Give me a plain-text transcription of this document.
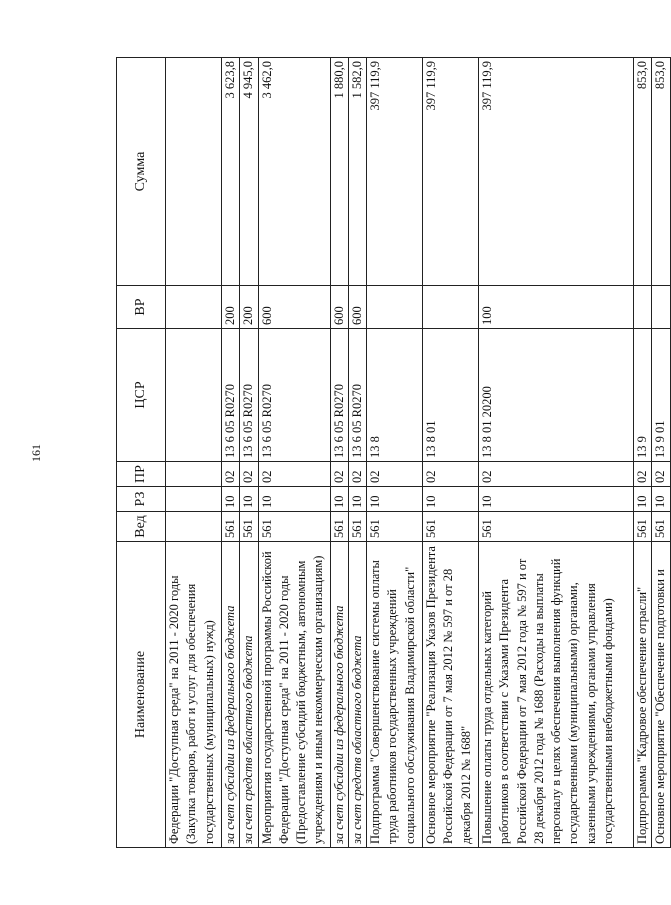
161
Наименование	Вед	РЗ	ПР	ЦСР	ВР	Сумма
Федерации "Доступная среда" на 2011 - 2020 годы (Закупка товаров, работ и услуг для обеспечения государственных (муниципальных) нужд)						
за счет субсидии из федерального бюджета	561	10	02	13 6 05 R0270	200	3 623,8
за счет средств областного бюджета	561	10	02	13 6 05 R0270	200	4 945,0
Мероприятия государственной программы Российской Федерации "Доступная среда" на 2011 - 2020 годы (Предоставление субсидий бюджетным, автономным учреждениям и иным некоммерческим организациям)	561	10	02	13 6 05 R0270	600	3 462,0
за счет субсидии из федерального бюджета	561	10	02	13 6 05 R0270	600	1 880,0
за счет средств областного бюджета	561	10	02	13 6 05 R0270	600	1 582,0
Подпрограмма "Совершенствование системы оплаты труда работников государственных учреждений социального обслуживания Владимирской области"	561	10	02	13 8		397 119,9
Основное мероприятие "Реализация Указов Президента Российской Федерации от 7 мая 2012 № 597 и от 28 декабря 2012 № 1688"	561	10	02	13 8 01		397 119,9
Повышение оплаты труда отдельных категорий работников в соответствии с Указами Президента Российской Федерации от 7 мая 2012 года № 597 и от 28 декабря 2012 года № 1688 (Расходы на выплаты персоналу в целях обеспечения выполнения функций государственными (муниципальными) органами, казенными учреждениями, органами управления государственными внебюджетными фондами)	561	10	02	13 8 01 20200	100	397 119,9
Подпрограмма "Кадровое обеспечение отрасли"	561	10	02	13 9		853,0
Основное мероприятие "Обеспечение подготовки и	561	10	02	13 9 01		853,0
